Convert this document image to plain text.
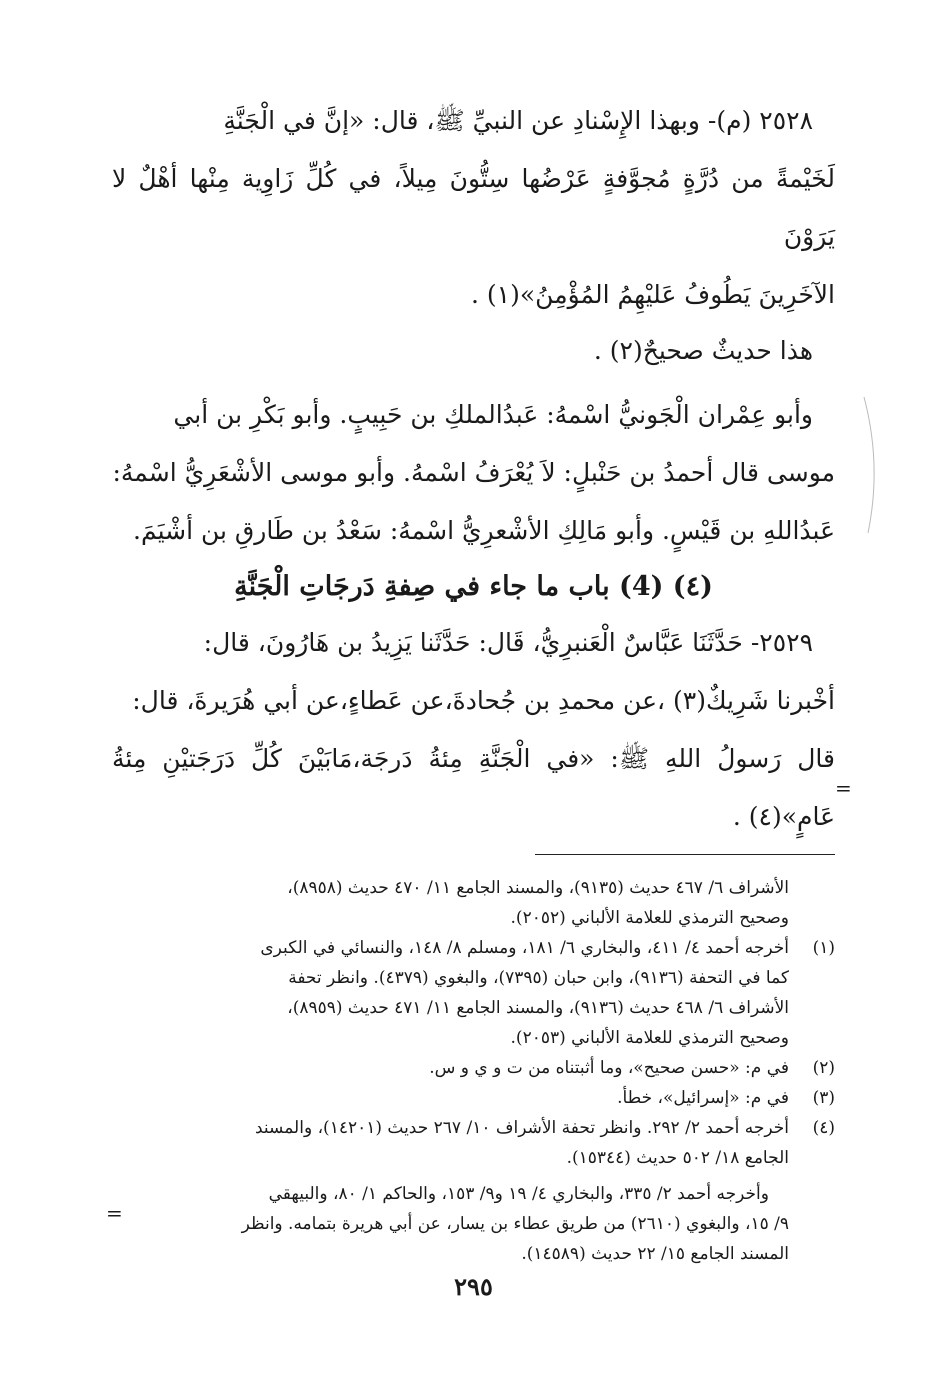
٢٥٢٨ (م)- وبهذا الإِسْنادِ عن النبيِّ ﷺ، قال: «إنَّ في الْجَنَّةِ

لَخَيْمةً من دُرَّةٍ مُجوَّفةٍ عَرْضُها سِتُّونَ مِيلاً، في كُلِّ زَاوِية مِنْها أهْلٌ لا يَرَوْنَ

الآخَرِينَ يَطُوفُ عَليْهِمُ المُؤْمِنُ»(١) .

هذا حديثٌ صحيحٌ(٢) .

وأبو عِمْران الْجَونيُّ اسْمهُ: عَبدُالملكِ بن حَبِيبٍ. وأبو بَكْرِ بن أبي

موسى قال أحمدُ بن حَنْبلٍ: لاَ يُعْرَفُ اسْمهُ. وأبو موسى الأشْعَرِيُّ اسْمهُ:

عَبدُاللهِ بن قَيْسٍ. وأبو مَالِكِ الأشْعرِيُّ اسْمهُ: سَعْدُ بن طَارقِ بن أشْيَمَ.

(٤) (4) باب ما جاء في صِفةِ دَرجَاتِ الْجَنَّةِ

٢٥٢٩- حَدَّثَنَا عَبَّاسٌ الْعَنبرِيُّ، قَال: حَدَّثَنا يَزِيدُ بن هَارُونَ، قال:

أخْبرنا شَرِيكٌ(٣) ،عن محمدِ بن جُحادةَ،عن عَطاءٍ،عن أبي هُرَيرةَ، قال:

قال رَسولُ اللهِ ﷺ: «في الْجَنَّةِ مِئةُ دَرجَة،مَابَيْنَ كُلِّ دَرَجَتيْنِ مِئةُ عَامٍ»(٤) .

الأشراف ٦/ ٤٦٧ حديث (٩١٣٥)، والمسند الجامع ١١/ ٤٧٠ حديث (٨٩٥٨)،
وصحيح الترمذي للعلامة الألباني (٢٠٥٢).
(١)
أخرجه أحمد ٤/ ٤١١، والبخاري ٦/ ١٨١، ومسلم ٨/ ١٤٨، والنسائي في الكبرى
كما في التحفة (٩١٣٦)، وابن حبان (٧٣٩٥)، والبغوي (٤٣٧٩). وانظر تحفة
الأشراف ٦/ ٤٦٨ حديث (٩١٣٦)، والمسند الجامع ١١/ ٤٧١ حديث (٨٩٥٩)،
وصحيح الترمذي للعلامة الألباني (٢٠٥٣).
(٢)
في م: «حسن صحيح»، وما أثبتناه من ت و ي و س.
(٣)
في م: «إسرائيل»، خطأ.
(٤)
أخرجه أحمد ٢/ ٢٩٢. وانظر تحفة الأشراف ١٠/ ٢٦٧ حديث (١٤٢٠١)، والمسند
الجامع ١٨/ ٥٠٢ حديث (١٥٣٤٤).
وأخرجه أحمد ٢/ ٣٣٥، والبخاري ٤/ ١٩ و٩/ ١٥٣، والحاكم ١/ ٨٠، والبيهقي
٩/ ١٥، والبغوي (٢٦١٠) من طريق عطاء بن يسار، عن أبي هريرة بتمامه. وانظر
المسند الجامع ١٥/ ٢٢ حديث (١٤٥٨٩).
=
=
٢٩٥
